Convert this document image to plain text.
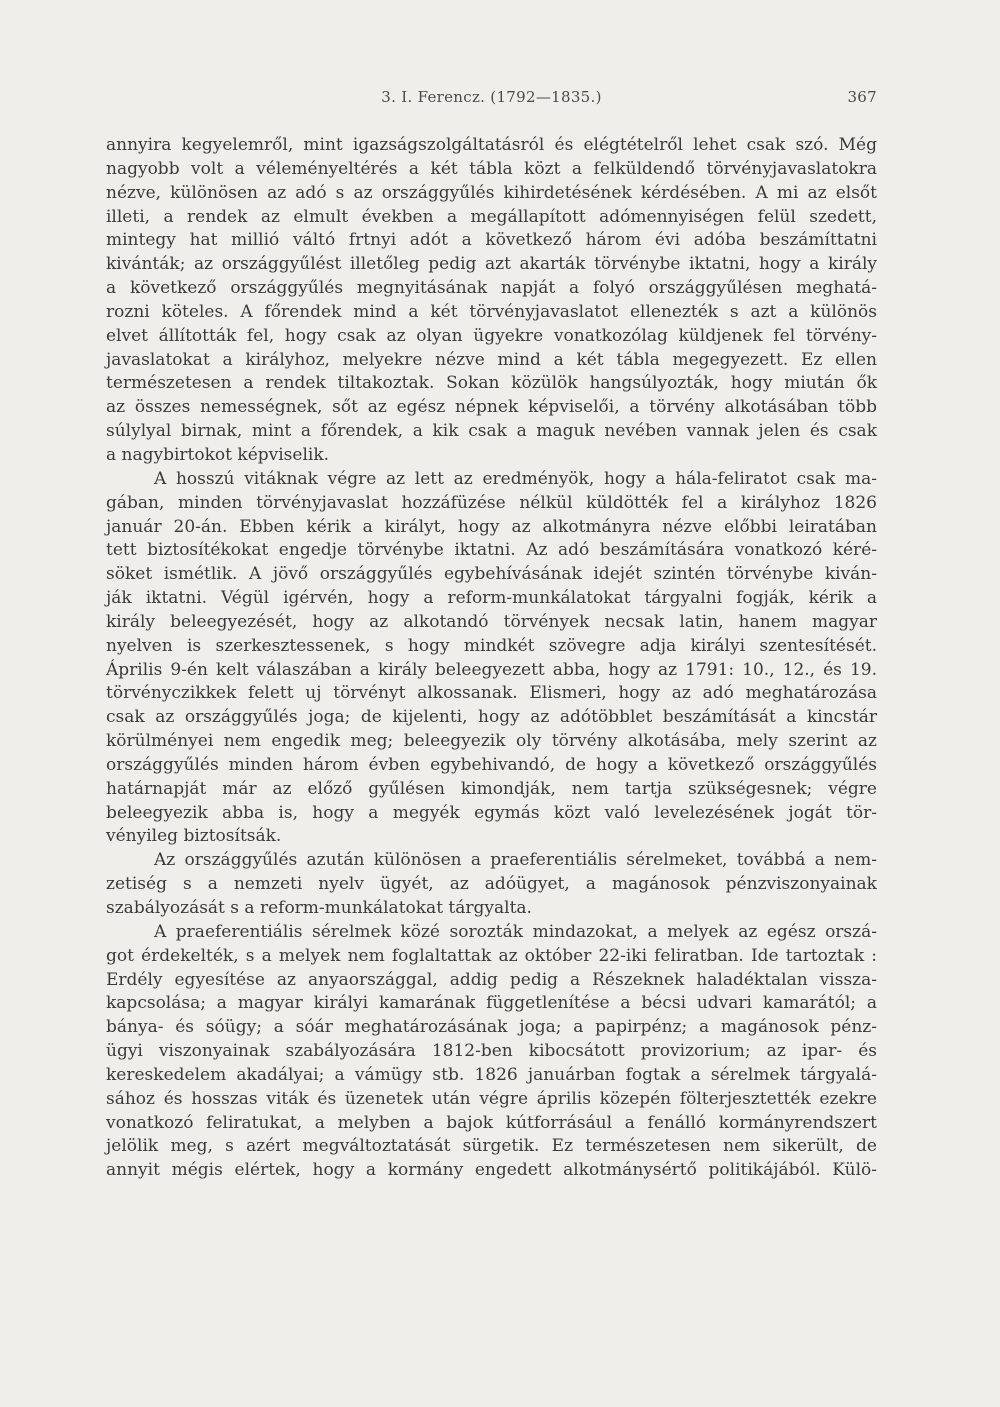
3. I. Ferencz. (1792—1835.)	367
annyira kegyelemről, mint igazságszolgáltatásról és elégtételről lehet csak szó. Még
nagyobb volt a véleményeltérés a két tábla közt a felküldendő törvényjavaslatokra
nézve, különösen az adó s az országgyűlés kihirdetésének kérdésében. A mi az elsőt
illeti, a rendek az elmult években a megállapított adómennyiségen felül szedett,
mintegy hat millió váltó frtnyi adót a következő három évi adóba beszámíttatni
kivánták; az országgyűlést illetőleg pedig azt akarták törvénybe iktatni, hogy a király
a következő országgyűlés megnyitásának napját a folyó országgyűlésen meghatá-
rozni köteles. A főrendek mind a két törvényjavaslatot ellenezték s azt a különös
elvet állították fel, hogy csak az olyan ügyekre vonatkozólag küldjenek fel törvény-
javaslatokat a királyhoz, melyekre nézve mind a két tábla megegyezett. Ez ellen
természetesen a rendek tiltakoztak. Sokan közülök hangsúlyozták, hogy miután ők
az összes nemességnek, sőt az egész népnek képviselői, a törvény alkotásában több
súlylyal birnak, mint a főrendek, a kik csak a maguk nevében vannak jelen és csak
a nagybirtokot képviselik.
A hosszú vitáknak végre az lett az eredményök, hogy a hála-feliratot csak ma-
gában, minden törvényjavaslat hozzáfüzése nélkül küldötték fel a királyhoz 1826
január 20-án. Ebben kérik a királyt, hogy az alkotmányra nézve előbbi leiratában
tett biztosítékokat engedje törvénybe iktatni. Az adó beszámítására vonatkozó kéré-
söket ismétlik. A jövő országgyűlés egybehívásának idejét szintén törvénybe kiván-
ják iktatni. Végül igérvén, hogy a reform-munkálatokat tárgyalni fogják, kérik a
király beleegyezését, hogy az alkotandó törvények necsak latin, hanem magyar
nyelven is szerkesztessenek, s hogy mindkét szövegre adja királyi szentesítését.
Április 9-én kelt válaszában a király beleegyezett abba, hogy az 1791: 10., 12., és 19.
törvényczikkek felett uj törvényt alkossanak. Elismeri, hogy az adó meghatározása
csak az országgyűlés joga; de kijelenti, hogy az adótöbblet beszámítását a kincstár
körülményei nem engedik meg; beleegyezik oly törvény alkotásába, mely szerint az
országgyűlés minden három évben egybehivandó, de hogy a következő országgyűlés
határnapját már az előző gyűlésen kimondják, nem tartja szükségesnek; végre
beleegyezik abba is, hogy a megyék egymás közt való levelezésének jogát tör-
vényileg biztosítsák.
Az országgyűlés azután különösen a praeferentiális sérelmeket, továbbá a nem-
zetiség s a nemzeti nyelv ügyét, az adóügyet, a magánosok pénzviszonyainak
szabályozását s a reform-munkálatokat tárgyalta.
A praeferentiális sérelmek közé sorozták mindazokat, a melyek az egész orszá-
got érdekelték, s a melyek nem foglaltattak az október 22-iki feliratban. Ide tartoztak :
Erdély egyesítése az anyaországgal, addig pedig a Részeknek haladéktalan vissza-
kapcsolása; a magyar királyi kamarának függetlenítése a bécsi udvari kamarától; a
bánya- és sóügy; a sóár meghatározásának joga; a papirpénz; a magánosok pénz-
ügyi viszonyainak szabályozására 1812-ben kibocsátott provizorium; az ipar- és
kereskedelem akadályai; a vámügy stb. 1826 januárban fogtak a sérelmek tárgyalá-
sához és hosszas viták és üzenetek után végre április közepén fölterjesztették ezekre
vonatkozó feliratukat, a melyben a bajok kútforrásául a fenálló kormányrendszert
jelölik meg, s azért megváltoztatását sürgetik. Ez természetesen nem sikerült, de
annyit mégis elértek, hogy a kormány engedett alkotmánysértő politikájából. Külö-
